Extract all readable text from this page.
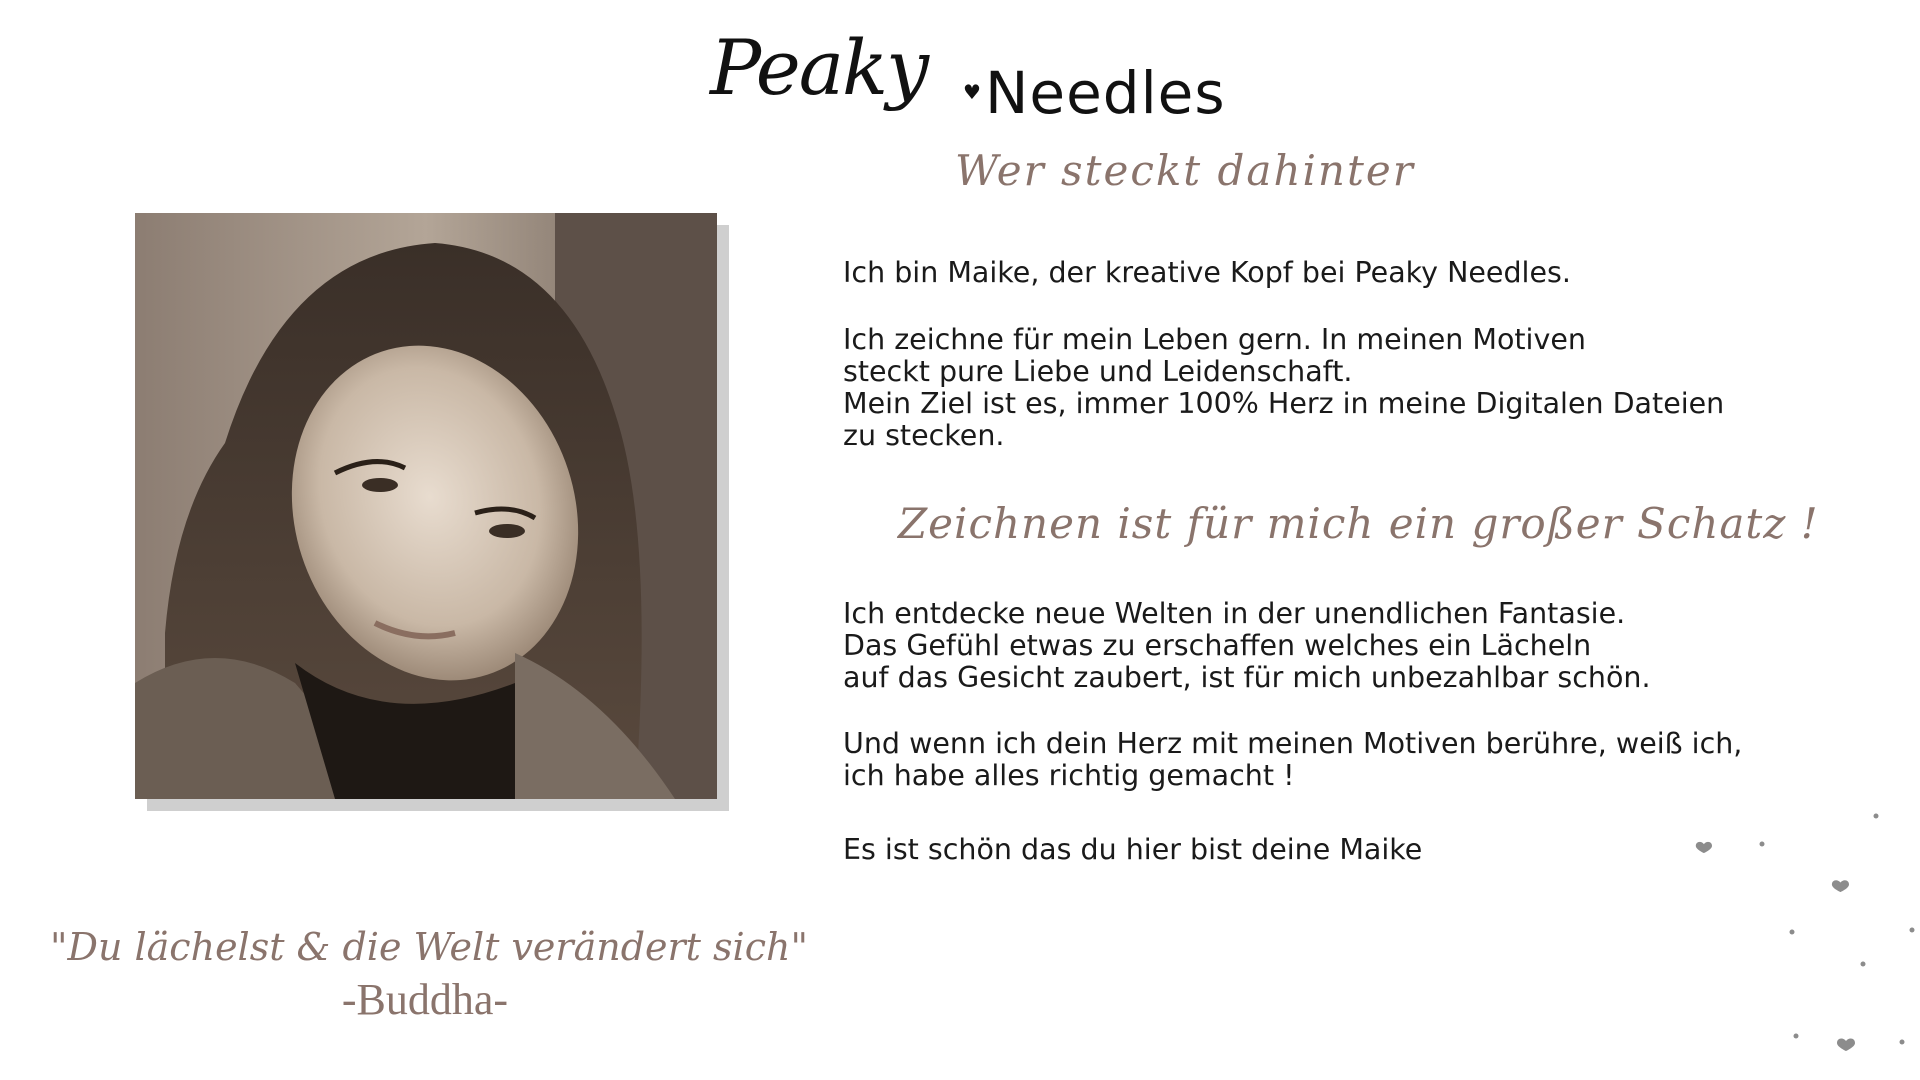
Peaky ♥ Needles
Wer steckt dahinter
Ich bin Maike, der kreative Kopf bei Peaky Needles.
Ich zeichne für mein Leben gern. In meinen Motiven
steckt pure Liebe und Leidenschaft.
Mein Ziel ist es, immer 100% Herz in meine Digitalen Dateien
zu stecken.
Zeichnen ist für mich ein großer Schatz !
Ich entdecke neue Welten in der unendlichen Fantasie.
Das Gefühl etwas zu erschaffen welches ein Lächeln
auf das Gesicht zaubert, ist für mich unbezahlbar schön.
Und wenn ich dein Herz mit meinen Motiven berühre, weiß ich,
ich habe alles richtig gemacht !
Es ist schön das du hier bist deine Maike
"Du lächelst & die Welt verändert sich"
-Buddha-
